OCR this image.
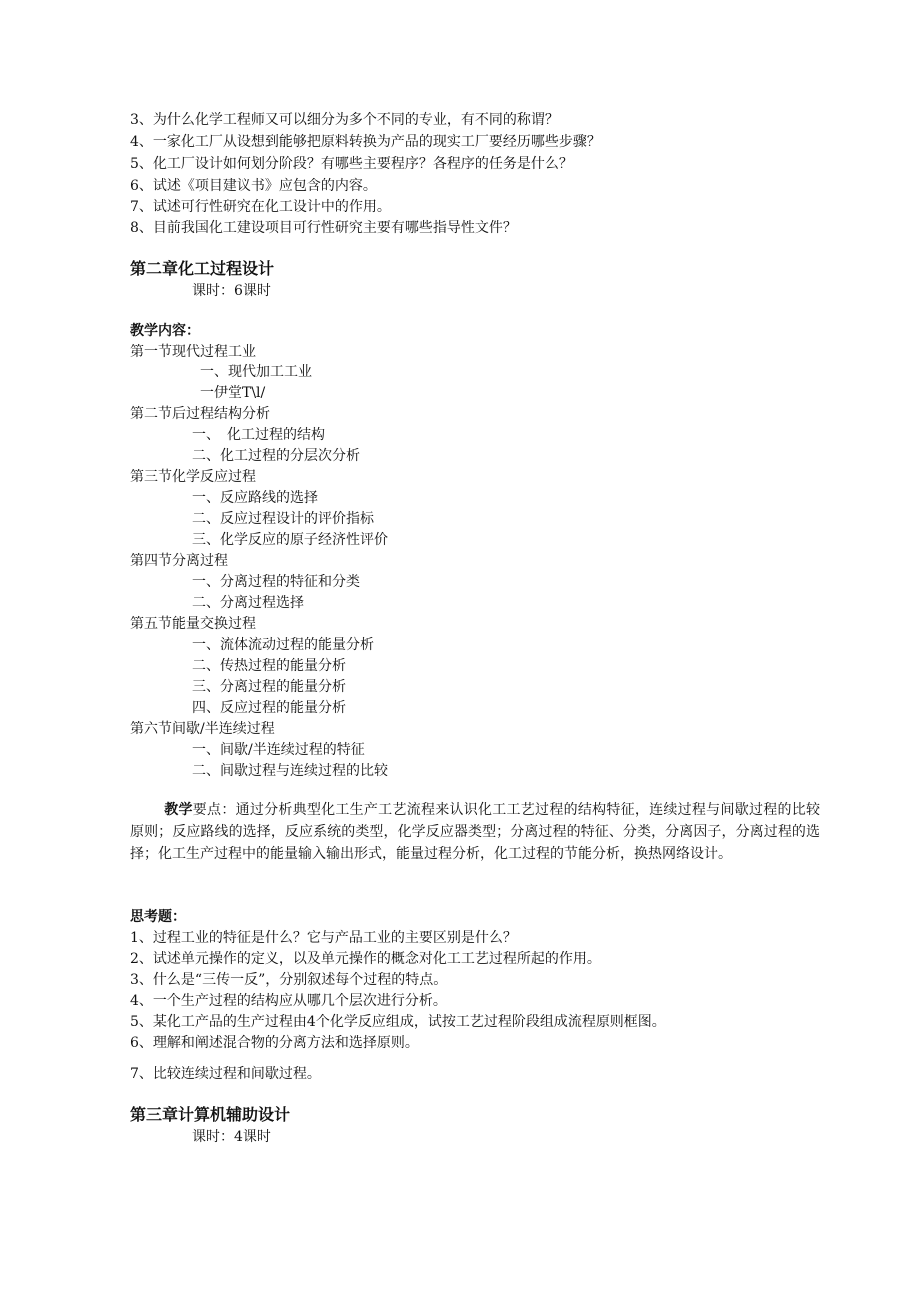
3、为什么化学工程师又可以细分为多个不同的专业，有不同的称谓？
4、一家化工厂从设想到能够把原料转换为产品的现实工厂要经历哪些步骤？
5、化工厂设计如何划分阶段？有哪些主要程序？各程序的任务是什么？
6、试述《项目建议书》应包含的内容。
7、试述可行性研究在化工设计中的作用。
8、目前我国化工建设项目可行性研究主要有哪些指导性文件？
第二章化工过程设计
课时：6课时
教学内容：
第一节现代过程工业
一、现代加工工业
一伊堂T\l/
第二节后过程结构分析
一、　化工过程的结构
二、化工过程的分层次分析
第三节化学反应过程
一、反应路线的选择
二、反应过程设计的评价指标
三、化学反应的原子经济性评价
第四节分离过程
一、分离过程的特征和分类
二、分离过程选择
第五节能量交换过程
一、流体流动过程的能量分析
二、传热过程的能量分析
三、分离过程的能量分析
四、反应过程的能量分析
第六节间歇/半连续过程
一、间歇/半连续过程的特征
二、间歇过程与连续过程的比较
教学要点：通过分析典型化工生产工艺流程来认识化工工艺过程的结构特征，连续过程与间歇过程的比较原则；反应路线的选择，反应系统的类型，化学反应器类型；分离过程的特征、分类，分离因子，分离过程的选择；化工生产过程中的能量输入输出形式，能量过程分析，化工过程的节能分析，换热网络设计。
思考题：
1、过程工业的特征是什么？它与产品工业的主要区别是什么？
2、试述单元操作的定义，以及单元操作的概念对化工工艺过程所起的作用。
3、什么是“三传一反”，分别叙述每个过程的特点。
4、一个生产过程的结构应从哪几个层次进行分析。
5、某化工产品的生产过程由4个化学反应组成，试按工艺过程阶段组成流程原则框图。
6、理解和阐述混合物的分离方法和选择原则。
7、比较连续过程和间歇过程。
第三章计算机辅助设计
课时：4课时
